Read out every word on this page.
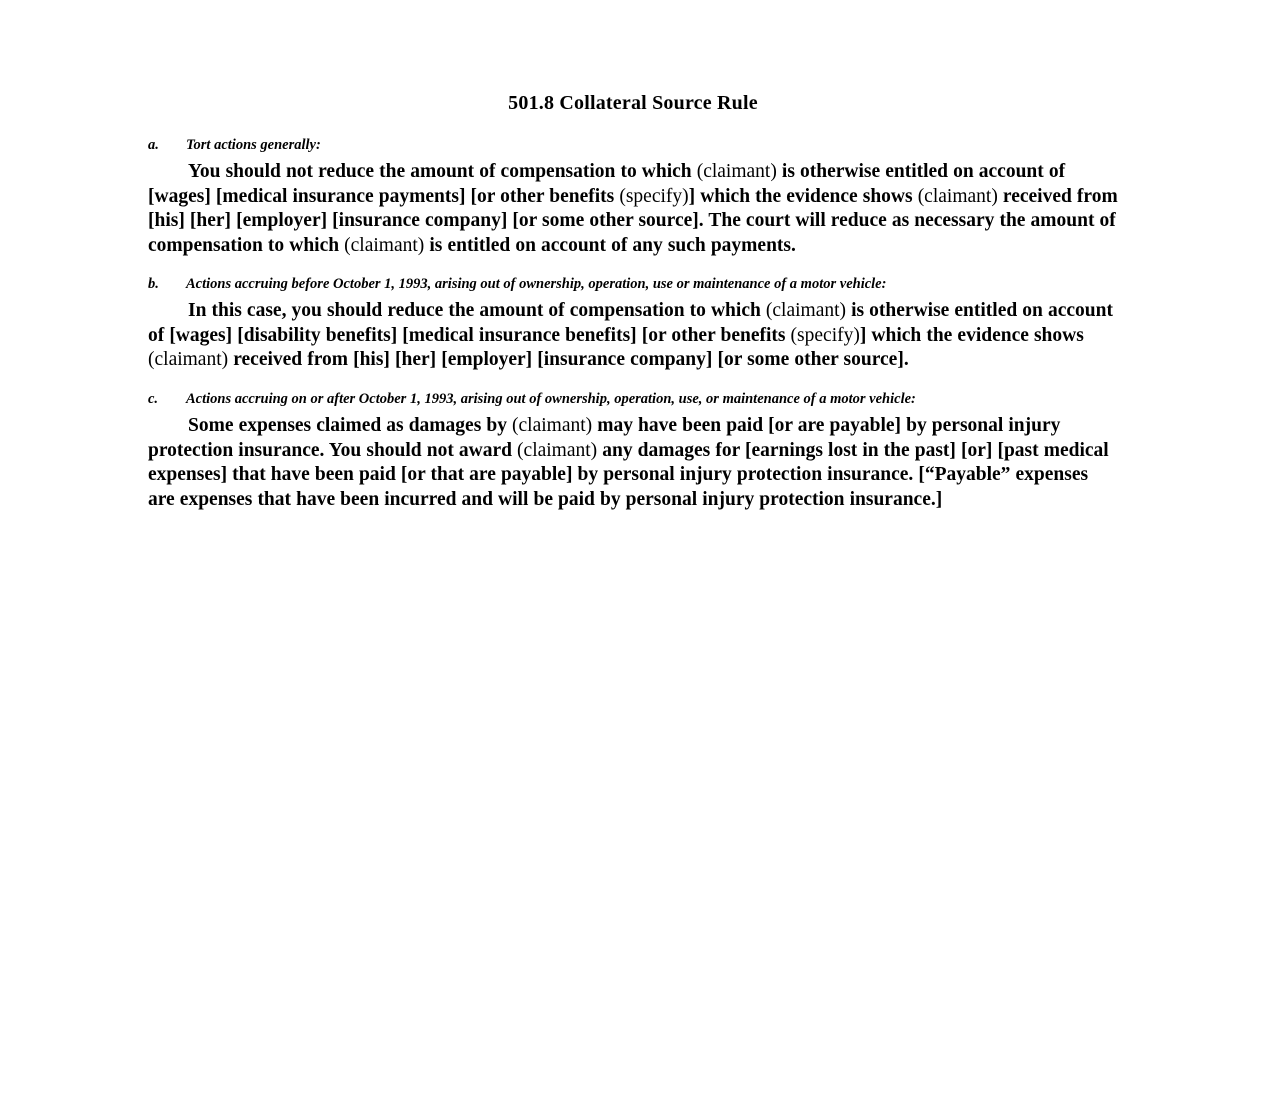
501.8 Collateral Source Rule
a.	Tort actions generally:

You should not reduce the amount of compensation to which (claimant) is otherwise entitled on account of [wages] [medical insurance payments] [or other benefits (specify)] which the evidence shows (claimant) received from [his] [her] [employer] [insurance company] [or some other source]. The court will reduce as necessary the amount of compensation to which (claimant) is entitled on account of any such payments.

b.	Actions accruing before October 1, 1993, arising out of ownership, operation, use or maintenance of a motor vehicle:

In this case, you should reduce the amount of compensation to which (claimant) is otherwise entitled on account of [wages] [disability benefits] [medical insurance benefits] [or other benefits (specify)] which the evidence shows (claimant) received from [his] [her] [employer] [insurance company] [or some other source].

c.	Actions accruing on or after October 1, 1993, arising out of ownership, operation, use, or maintenance of a motor vehicle:

Some expenses claimed as damages by (claimant) may have been paid [or are payable] by personal injury protection insurance. You should not award (claimant) any damages for [earnings lost in the past] [or] [past medical expenses] that have been paid [or that are payable] by personal injury protection insurance. [“Payable” expenses are expenses that have been incurred and will be paid by personal injury protection insurance.]
